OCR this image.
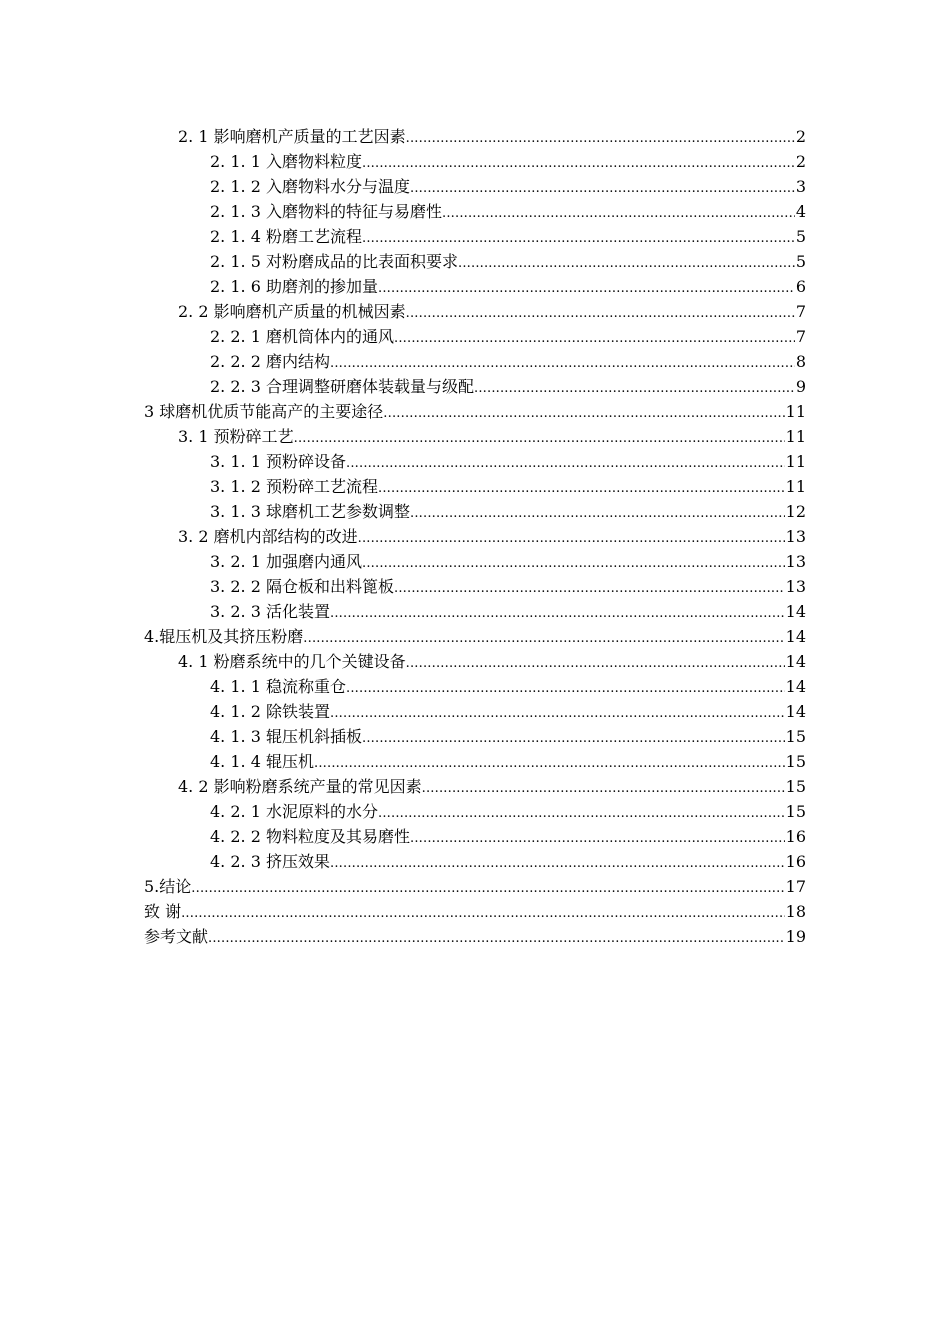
2. 1 影响磨机产质量的工艺因素 .....	2
2. 1. 1 入磨物料粒度 .....	2
2. 1. 2 入磨物料水分与温度 .....	3
2. 1. 3 入磨物料的特征与易磨性 .....	4
2. 1. 4 粉磨工艺流程 .....	5
2. 1. 5 对粉磨成品的比表面积要求 .....	5
2. 1. 6 助磨剂的掺加量 .....	6
2. 2 影响磨机产质量的机械因素 .....	7
2. 2. 1 磨机筒体内的通风 .....	7
2. 2. 2 磨内结构 .....	8
2. 2. 3 合理调整研磨体装载量与级配 .....	9
3 球磨机优质节能高产的主要途径 .....	11
3. 1 预粉碎工艺 .....	11
3. 1. 1 预粉碎设备 .....	11
3. 1. 2 预粉碎工艺流程 .....	11
3. 1. 3 球磨机工艺参数调整 .....	12
3. 2 磨机内部结构的改进 .....	13
3. 2. 1 加强磨内通风 .....	13
3. 2. 2 隔仓板和出料篦板 .....	13
3. 2. 3 活化装置 .....	14
4.辊压机及其挤压粉磨 .....	14
4. 1 粉磨系统中的几个关键设备 .....	14
4. 1. 1 稳流称重仓 .....	14
4. 1. 2 除铁装置 .....	14
4. 1. 3 辊压机斜插板 .....	15
4. 1. 4 辊压机 .....	15
4. 2 影响粉磨系统产量的常见因素 .....	15
4. 2. 1 水泥原料的水分 .....	15
4. 2. 2 物料粒度及其易磨性 .....	16
4. 2. 3 挤压效果 .....	16
5.结论 .....	17
致 谢 .....	18
参考文献 .....	19
